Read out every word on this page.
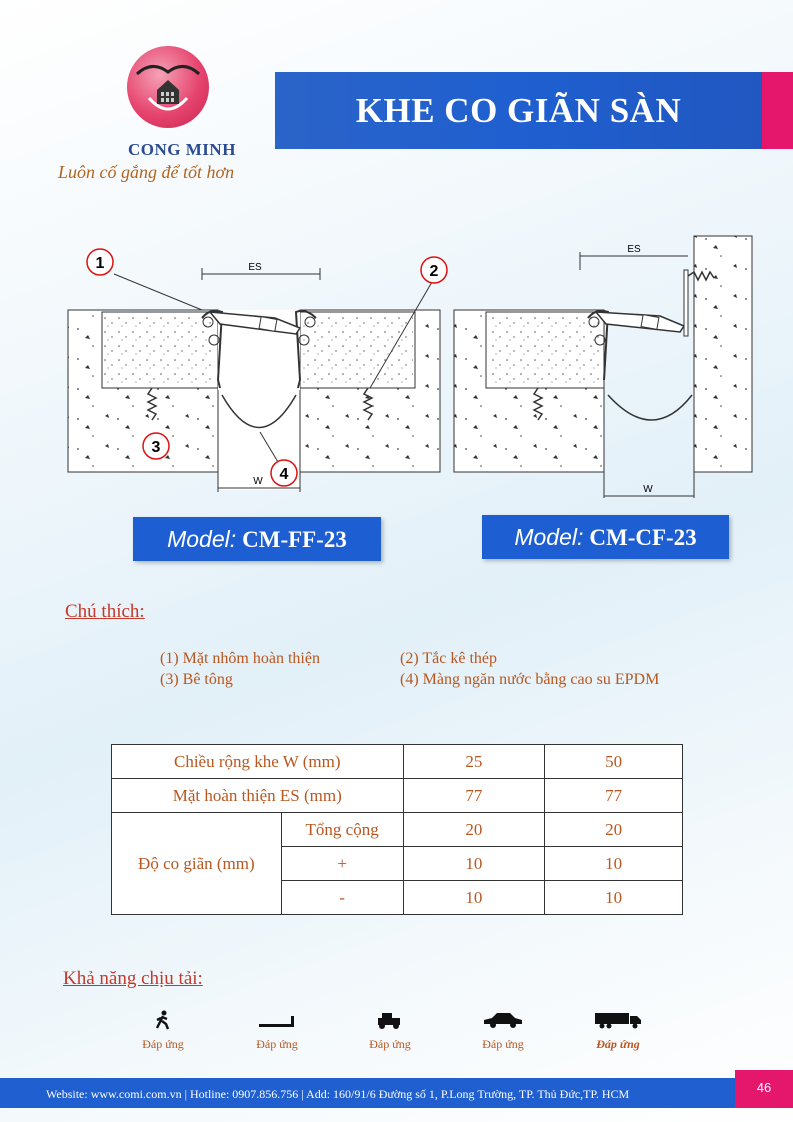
CONG MINH
Luôn cố gắng để tốt hơn
KHE CO GIÃN SÀN
ES
W
1	2
3
4
ES
W
Model: CM-FF-23	Model: CM-CF-23
Chú thích:
(1) Mặt nhôm hoàn thiện	(2) Tắc kê thép
(3) Bê tông	(4) Màng ngăn nước bằng cao su EPDM
Chiều rộng khe W (mm)		25	50
Mặt hoàn thiện ES (mm)		77	77
Độ co giãn (mm)	Tổng cộng	20	20
	+	10	10
	-	10	10
Khả năng chịu tải:
Đáp ứng	Đáp ứng	Đáp ứng	Đáp ứng	Đáp ứng
Website: www.comi.com.vn | Hotline: 0907.856.756 | Add: 160/91/6 Đường số 1, P.Long Trường, TP. Thủ Đức,TP. HCM	46
